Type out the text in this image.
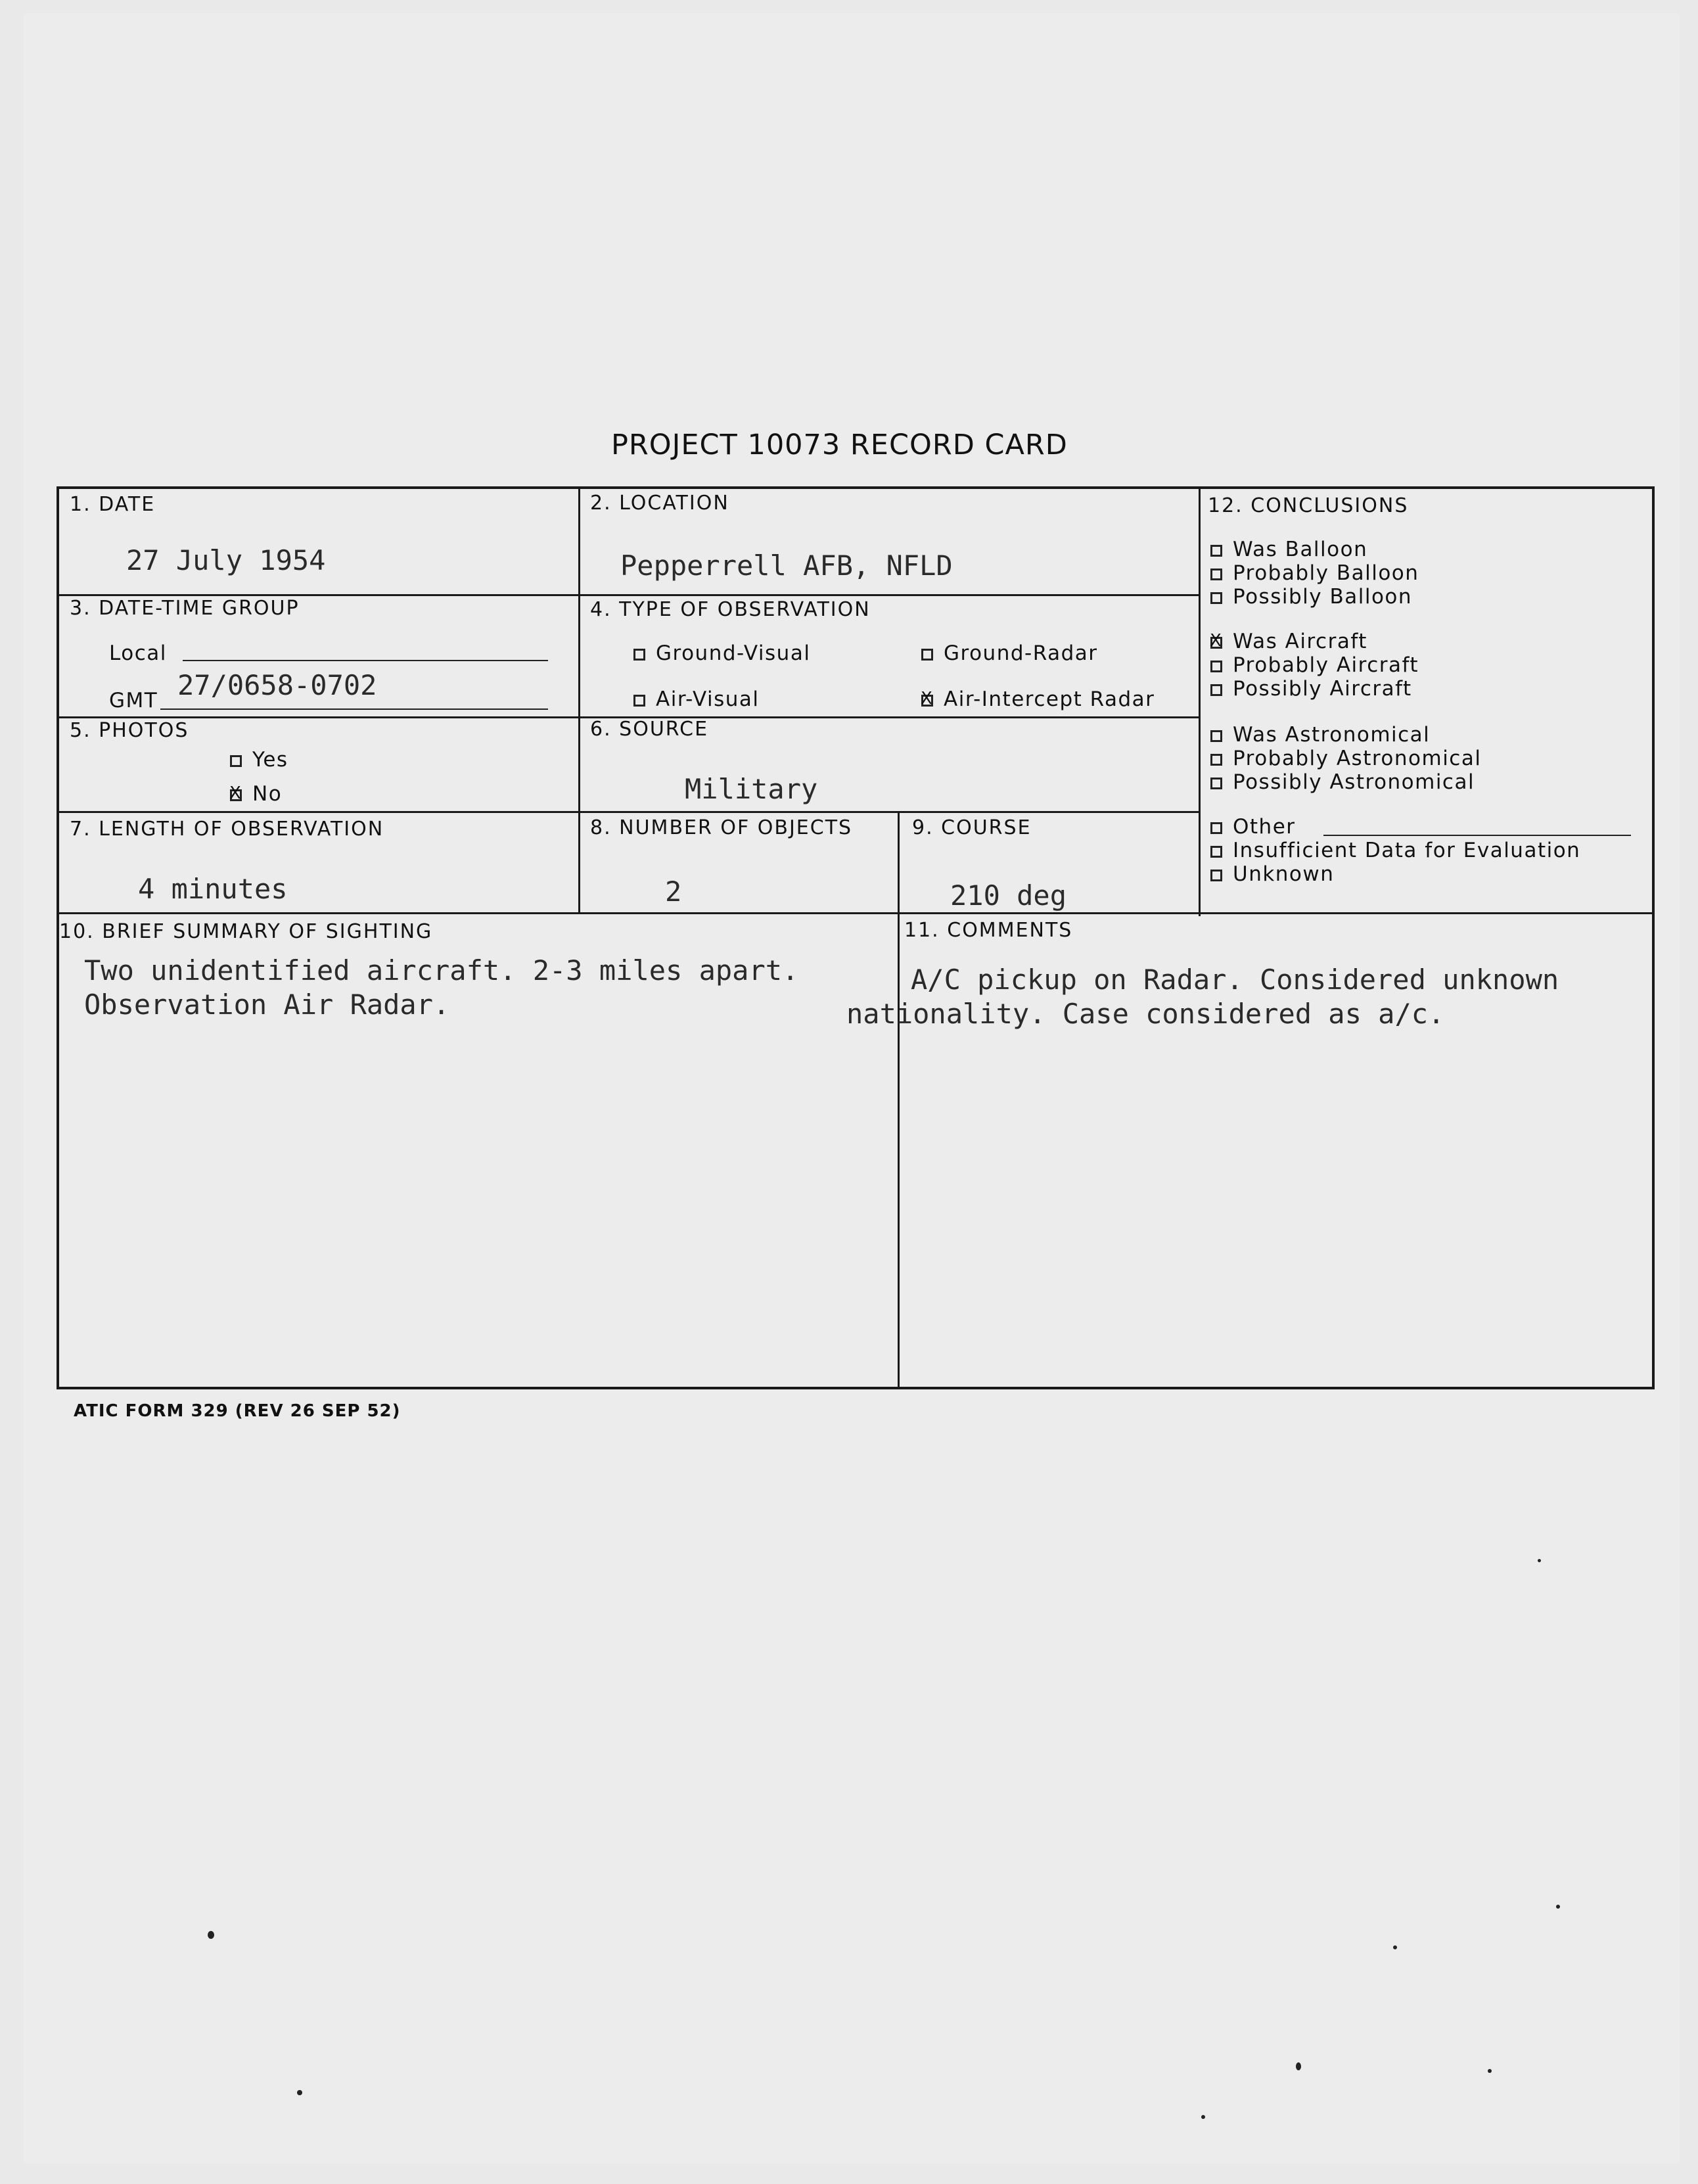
PROJECT 10073 RECORD CARD
1. DATE
27 July 1954
2. LOCATION
Pepperrell AFB, NFLD
3. DATE-TIME GROUP
Local
GMT 27/0658-0702
4. TYPE OF OBSERVATION
Ground-Visual	Ground-Radar
Air-Visual
X	Air-Intercept Radar
5. PHOTOS
Yes
XNo
6. SOURCE
Military
7. LENGTH OF OBSERVATION
4 minutes
8. NUMBER OF OBJECTS
2
9. COURSE
210 deg
10. BRIEF SUMMARY OF SIGHTING
Two unidentified aircraft. 2-3 miles apart.
Observation Air Radar.
11. COMMENTS
A/C pickup on Radar. Considered unknown
nationality. Case considered as a/c.
12. CONCLUSIONS
Was Balloon
Probably Balloon
Possibly Balloon
XWas Aircraft
Probably Aircraft
Possibly Aircraft
Was Astronomical
Probably Astronomical
Possibly Astronomical
Other
Insufficient Data for Evaluation
Unknown
ATIC FORM 329 (REV 26 SEP 52)
